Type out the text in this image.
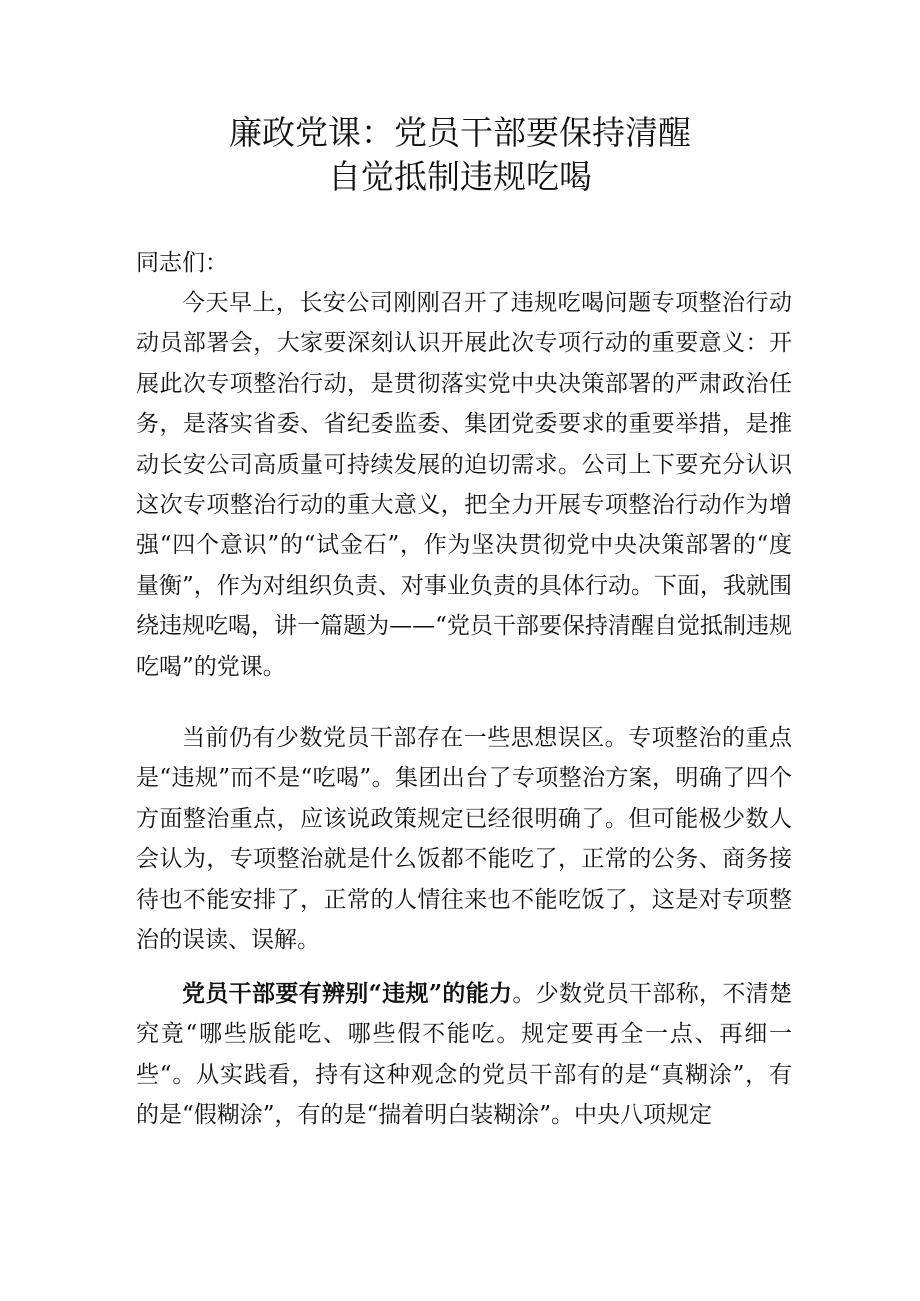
廉政党课：党员干部要保持清醒
自觉抵制违规吃喝
同志们：

今天早上，长安公司刚刚召开了违规吃喝问题专项整治行动动员部署会，大家要深刻认识开展此次专项行动的重要意义：开展此次专项整治行动，是贯彻落实党中央决策部署的严肃政治任务，是落实省委、省纪委监委、集团党委要求的重要举措，是推动长安公司高质量可持续发展的迫切需求。公司上下要充分认识这次专项整治行动的重大意义，把全力开展专项整治行动作为增强“四个意识”的“试金石”，作为坚决贯彻党中央决策部署的“度量衡”，作为对组织负责、对事业负责的具体行动。下面，我就围绕违规吃喝，讲一篇题为——“党员干部要保持清醒自觉抵制违规吃喝”的党课。

当前仍有少数党员干部存在一些思想误区。专项整治的重点是“违规”而不是“吃喝”。集团出台了专项整治方案，明确了四个方面整治重点，应该说政策规定已经很明确了。但可能极少数人会认为，专项整治就是什么饭都不能吃了，正常的公务、商务接待也不能安排了，正常的人情往来也不能吃饭了，这是对专项整治的误读、误解。

党员干部要有辨别“违规”的能力。少数党员干部称，不清楚究竟“哪些版能吃、哪些假不能吃。规定要再全一点、再细一些“。从实践看，持有这种观念的党员干部有的是“真糊涂”，有的是“假糊涂”，有的是“揣着明白装糊涂”。中央八项规定
